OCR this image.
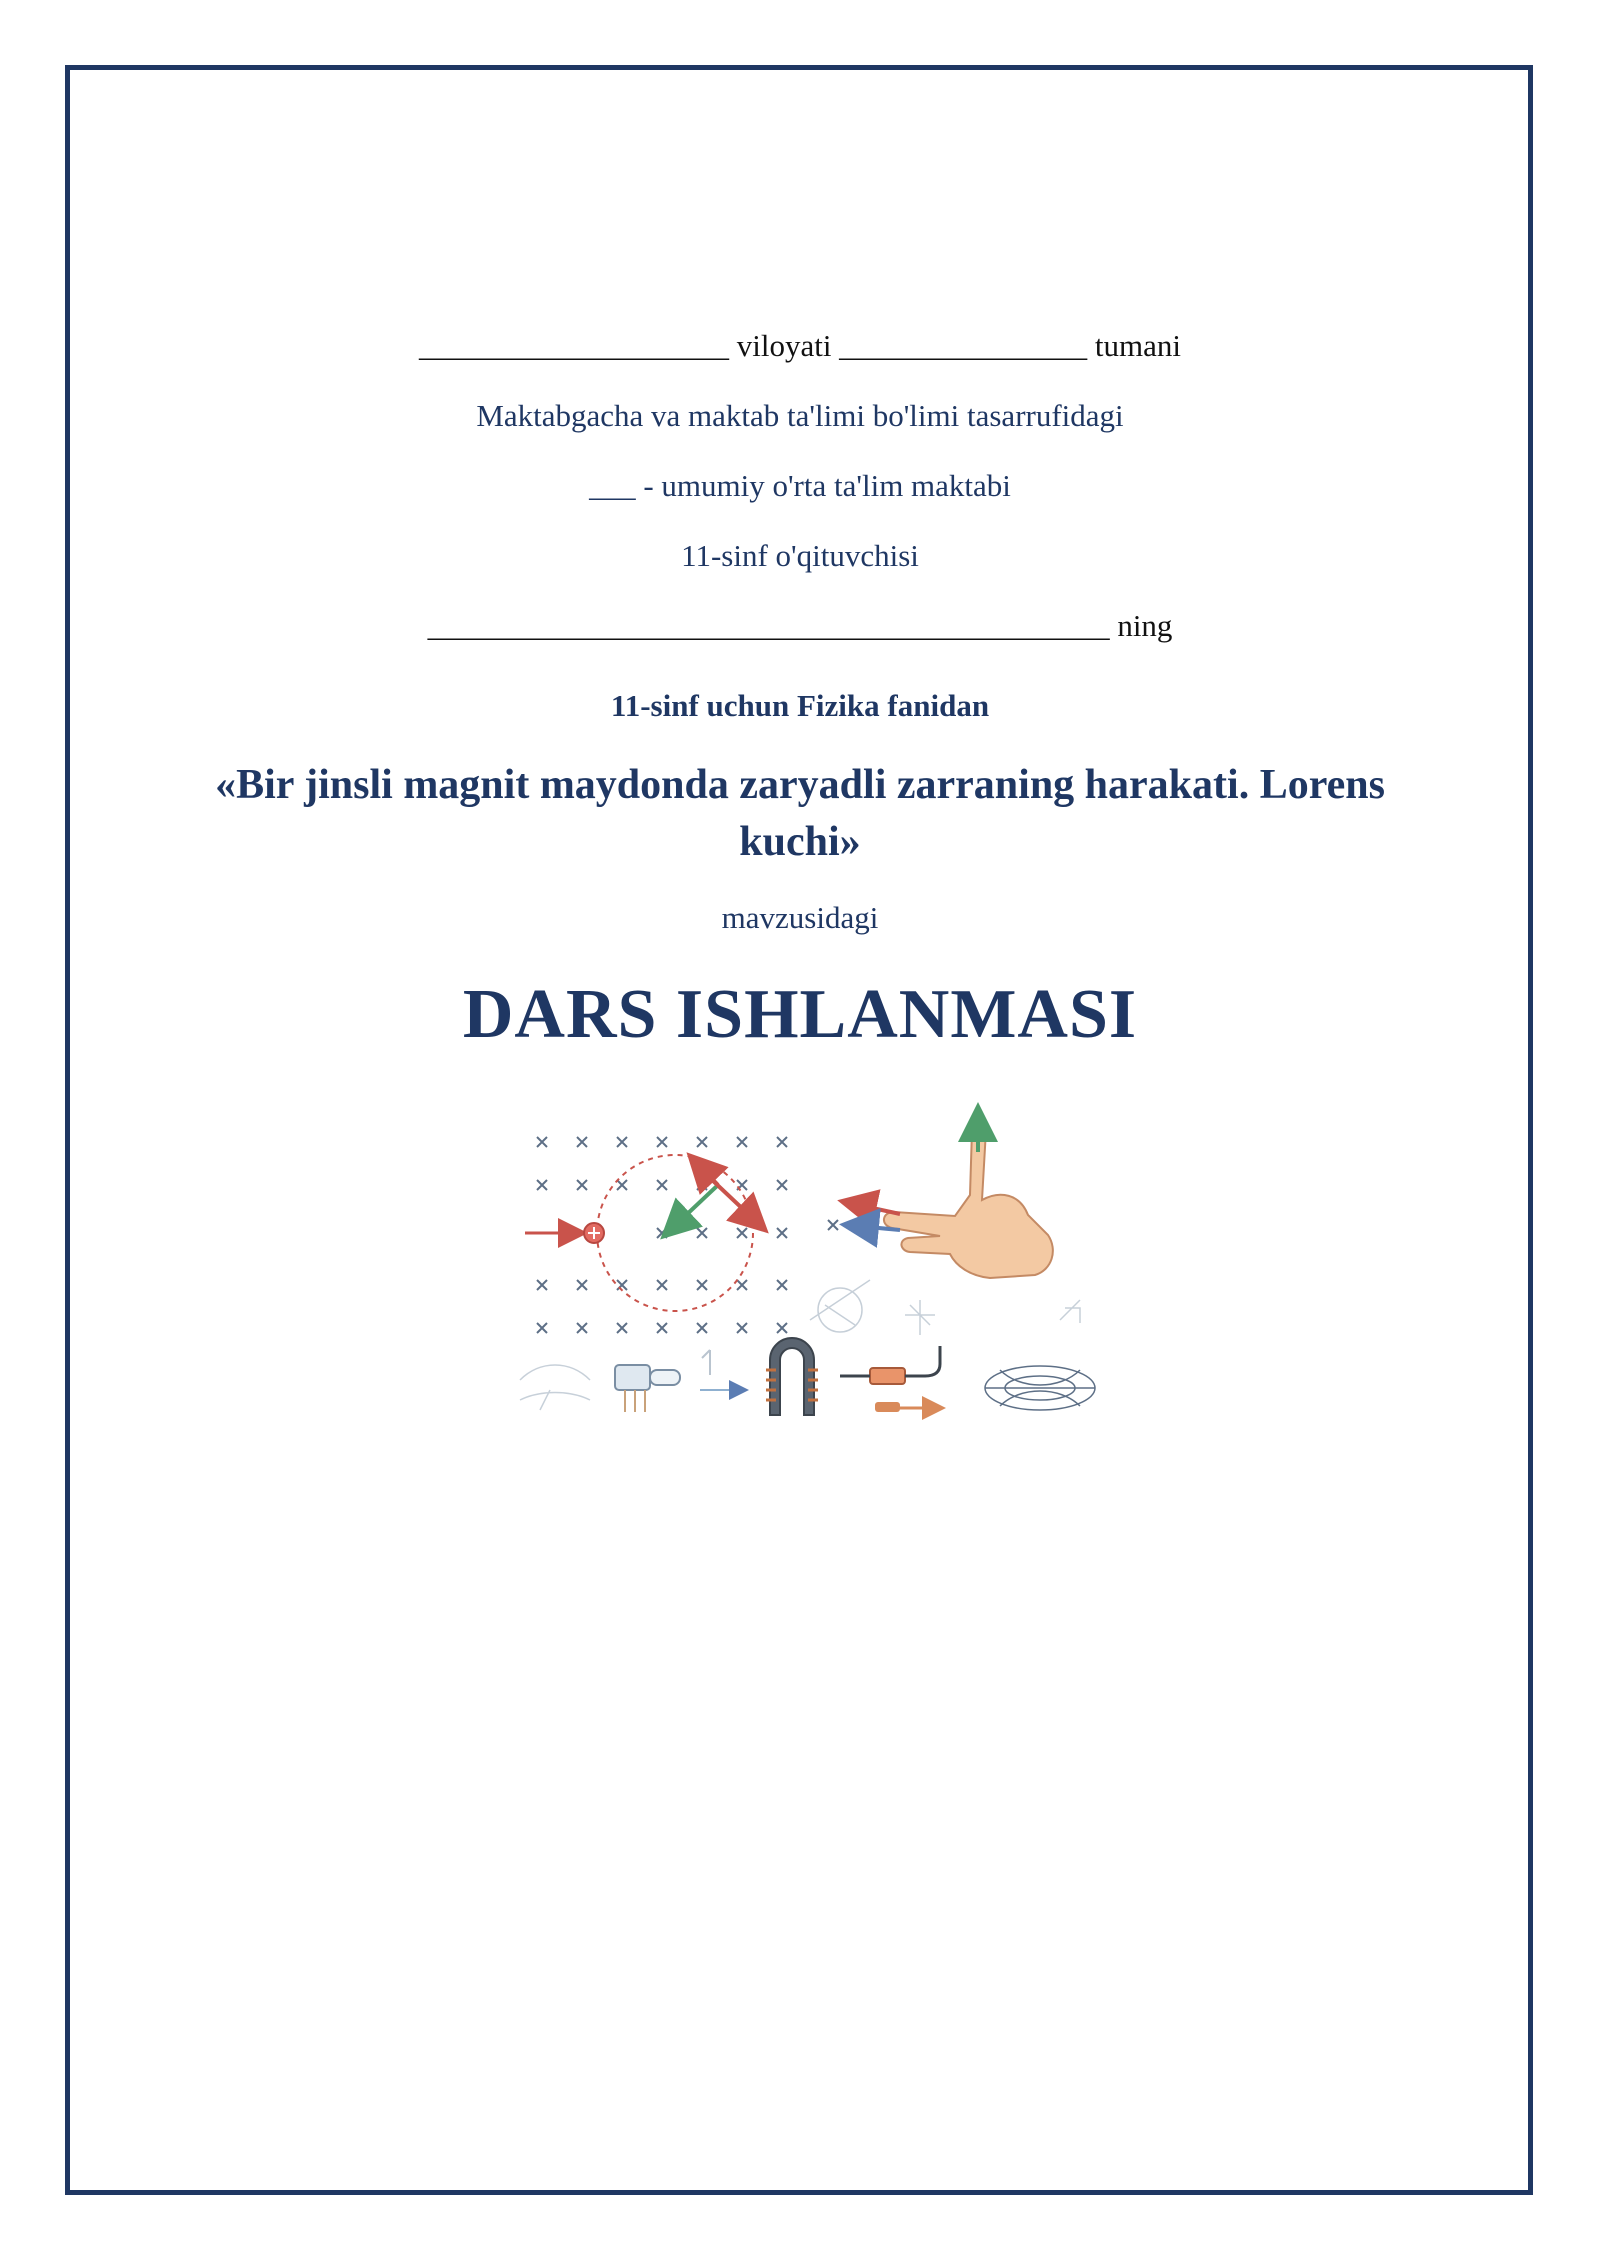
____________________ viloyati ________________ tumani
Maktabgacha va maktab ta'limi bo'limi tasarrufidagi
___ - umumiy o'rta ta'lim maktabi
11-sinf o'qituvchisi
____________________________________________ ning
11-sinf uchun Fizika fanidan
«Bir jinsli magnit maydonda zaryadli zarraning harakati. Lorens kuchi»
mavzusidagi
DARS ISHLANMASI
